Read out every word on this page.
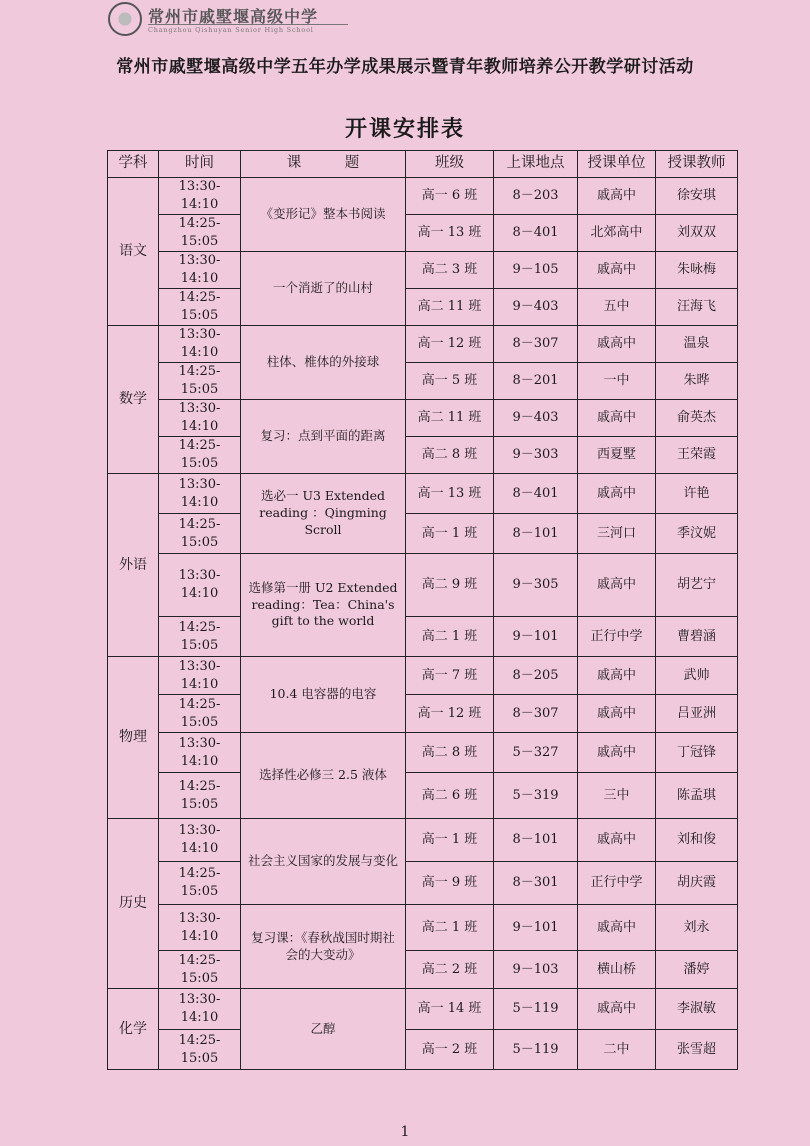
常州市戚墅堰高级中学
Changzhou Qishuyan Senior High School
常州市戚墅堰高级中学五年办学成果展示暨青年教师培养公开教学研讨活动
开课安排表
学科	时间	课　　　题	班级	上课地点	授课单位	授课教师
语文	13:30-14:10	《变形记》整本书阅读	高一 6 班	8－203	戚高中	徐安琪
	14:25-15:05		高一 13 班	8－401	北郊高中	刘双双
	13:30-14:10	一个消逝了的山村	高二 3 班	9－105	戚高中	朱咏梅
	14:25-15:05		高二 11 班	9－403	五中	汪海飞
数学	13:30-14:10	柱体、椎体的外接球	高一 12 班	8－307	戚高中	温泉
	14:25-15:05		高一 5 班	8－201	一中	朱晔
	13:30-14:10	复习：点到平面的距离	高二 11 班	9－403	戚高中	俞英杰
	14:25-15:05		高二 8 班	9－303	西夏墅	王荣霞
外语	13:30-14:10	选必一 U3 Extended reading ：Qingming Scroll	高一 13 班	8－401	戚高中	许艳
	14:25-15:05		高一 1 班	8－101	三河口	季汶妮
	13:30-14:10	选修第一册 U2 Extended reading：Tea：China's gift to the world	高二 9 班	9－305	戚高中	胡艺宁
	14:25-15:05		高二 1 班	9－101	正行中学	曹碧涵
物理	13:30-14:10	10.4 电容器的电容	高一 7 班	8－205	戚高中	武帅
	14:25-15:05		高一 12 班	8－307	戚高中	吕亚洲
	13:30-14:10	选择性必修三 2.5 液体	高二 8 班	5－327	戚高中	丁冠锋
	14:25-15:05		高二 6 班	5－319	三中	陈孟琪
历史	13:30-14:10	社会主义国家的发展与变化	高一 1 班	8－101	戚高中	刘和俊
	14:25-15:05		高一 9 班	8－301	正行中学	胡庆霞
	13:30-14:10	复习课：《春秋战国时期社会的大变动》	高二 1 班	9－101	戚高中	刘永
	14:25-15:05		高二 2 班	9－103	横山桥	潘婷
化学	13:30-14:10	乙醇	高一 14 班	5－119	戚高中	李淑敏
	14:25-15:05		高一 2 班	5－119	二中	张雪超
1
